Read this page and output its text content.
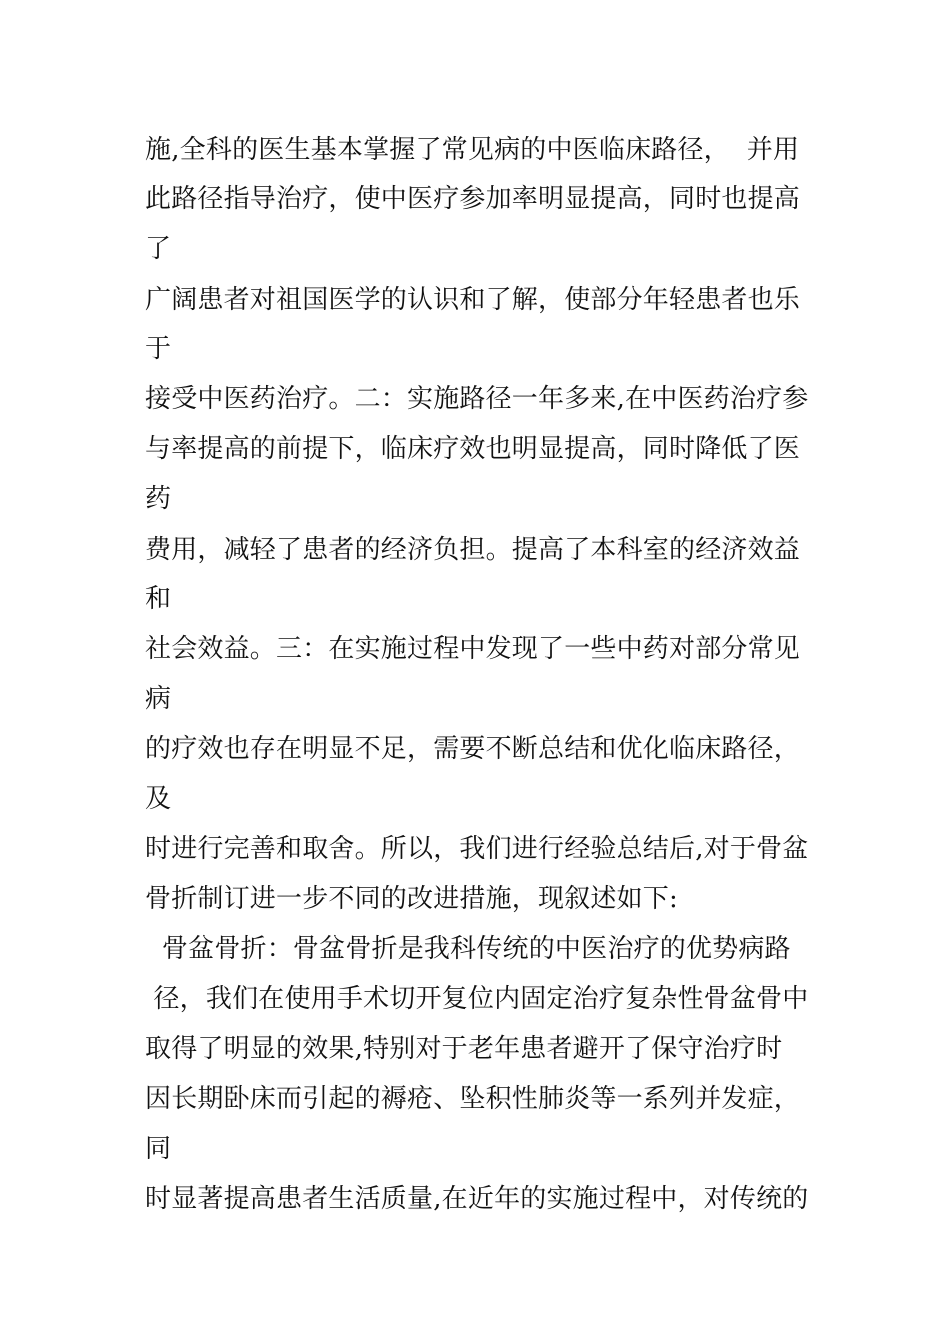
施,全科的医生基本掌握了常见病的中医临床路径，  并用
此路径指导治疗，使中医疗参加率明显提高，同时也提高
了
广阔患者对祖国医学的认识和了解，使部分年轻患者也乐
于
接受中医药治疗。二：实施路径一年多来,在中医药治疗参
与率提高的前提下，临床疗效也明显提高，同时降低了医
药
费用，减轻了患者的经济负担。提高了本科室的经济效益
和
社会效益。三：在实施过程中发现了一些中药对部分常见
病
的疗效也存在明显不足，需要不断总结和优化临床路径，
及
时进行完善和取舍。所以，我们进行经验总结后,对于骨盆
骨折制订进一步不同的改进措施，现叙述如下:
骨盆骨折：骨盆骨折是我科传统的中医治疗的优势病路
径，我们在使用手术切开复位内固定治疗复杂性骨盆骨中
取得了明显的效果,特别对于老年患者避开了保守治疗时
因长期卧床而引起的褥疮、坠积性肺炎等一系列并发症，
同
时显著提高患者生活质量,在近年的实施过程中，对传统的
